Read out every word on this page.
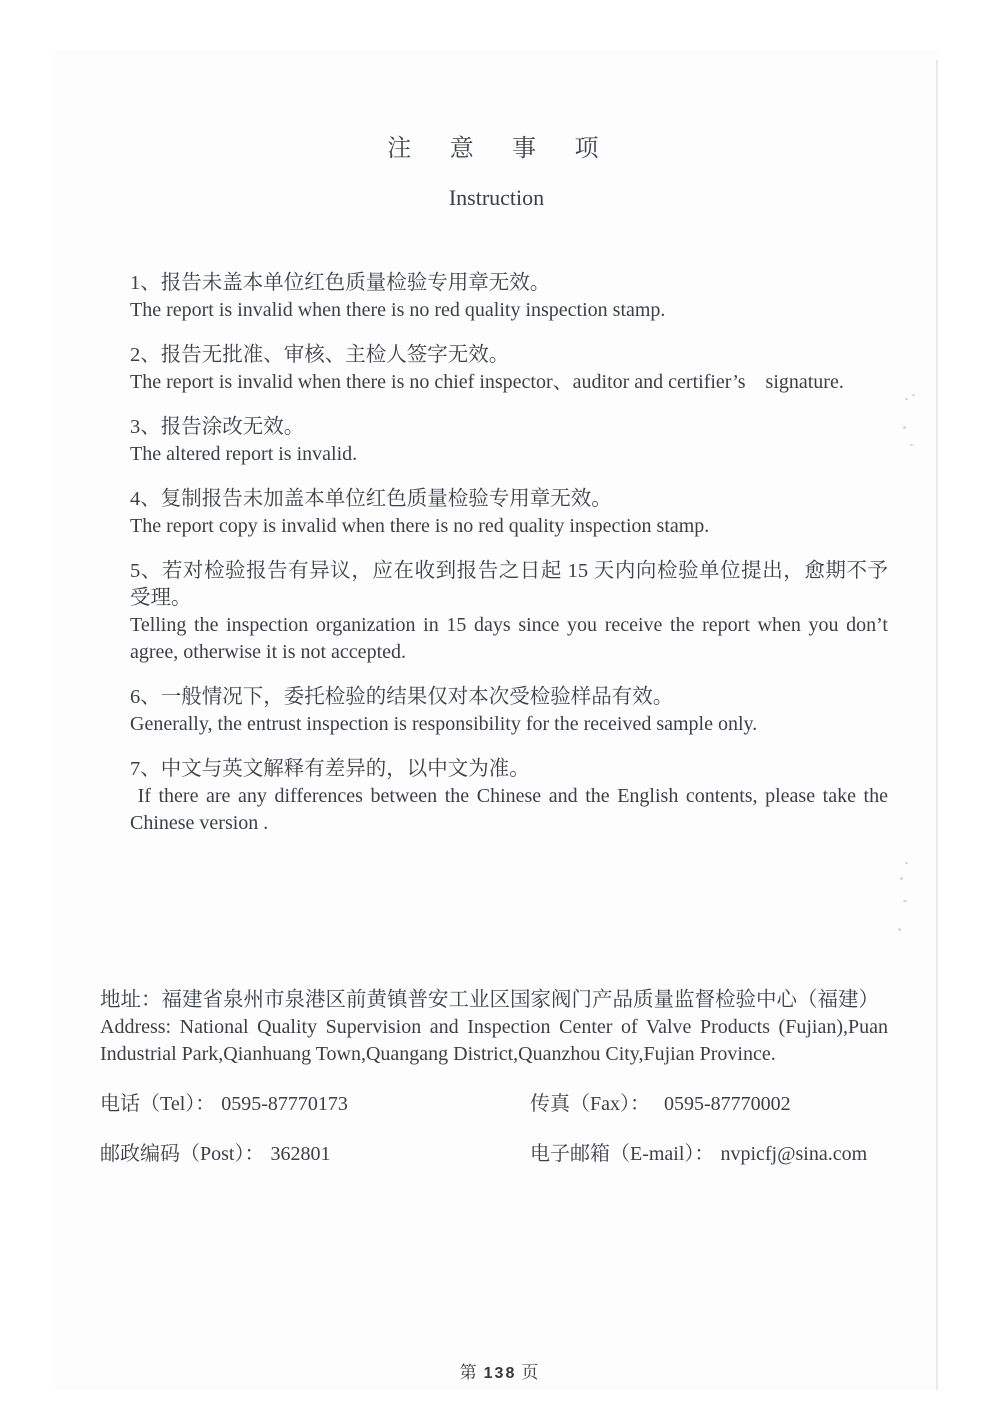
注　意　事　项
Instruction
1、报告未盖本单位红色质量检验专用章无效。
The report is invalid when there is no red quality inspection stamp.
2、报告无批准、审核、主检人签字无效。
The report is invalid when there is no chief inspector、auditor and certifier’s signature.
3、报告涂改无效。
The altered report is invalid.
4、复制报告未加盖本单位红色质量检验专用章无效。
The report copy is invalid when there is no red quality inspection stamp.
5、若对检验报告有异议，应在收到报告之日起 15 天内向检验单位提出，愈期不予受理。
Telling the inspection organization in 15 days since you receive the report when you don’t agree, otherwise it is not accepted.
6、一般情况下，委托检验的结果仅对本次受检验样品有效。
Generally, the entrust inspection is responsibility for the received sample only.
7、中文与英文解释有差异的，以中文为准。
If there are any differences between the Chinese and the English contents, please take the Chinese version .
地址：福建省泉州市泉港区前黄镇普安工业区国家阀门产品质量监督检验中心（福建）
Address: National Quality Supervision and Inspection Center of Valve Products (Fujian),Puan Industrial Park,Qianhuang Town,Quangang District,Quanzhou City,Fujian Province.
电话（Tel）： 0595-87770173	传真（Fax）： 0595-87770002
邮政编码（Post）： 362801	电子邮箱（E-mail）： nvpicfj@sina.com
第 138 页
